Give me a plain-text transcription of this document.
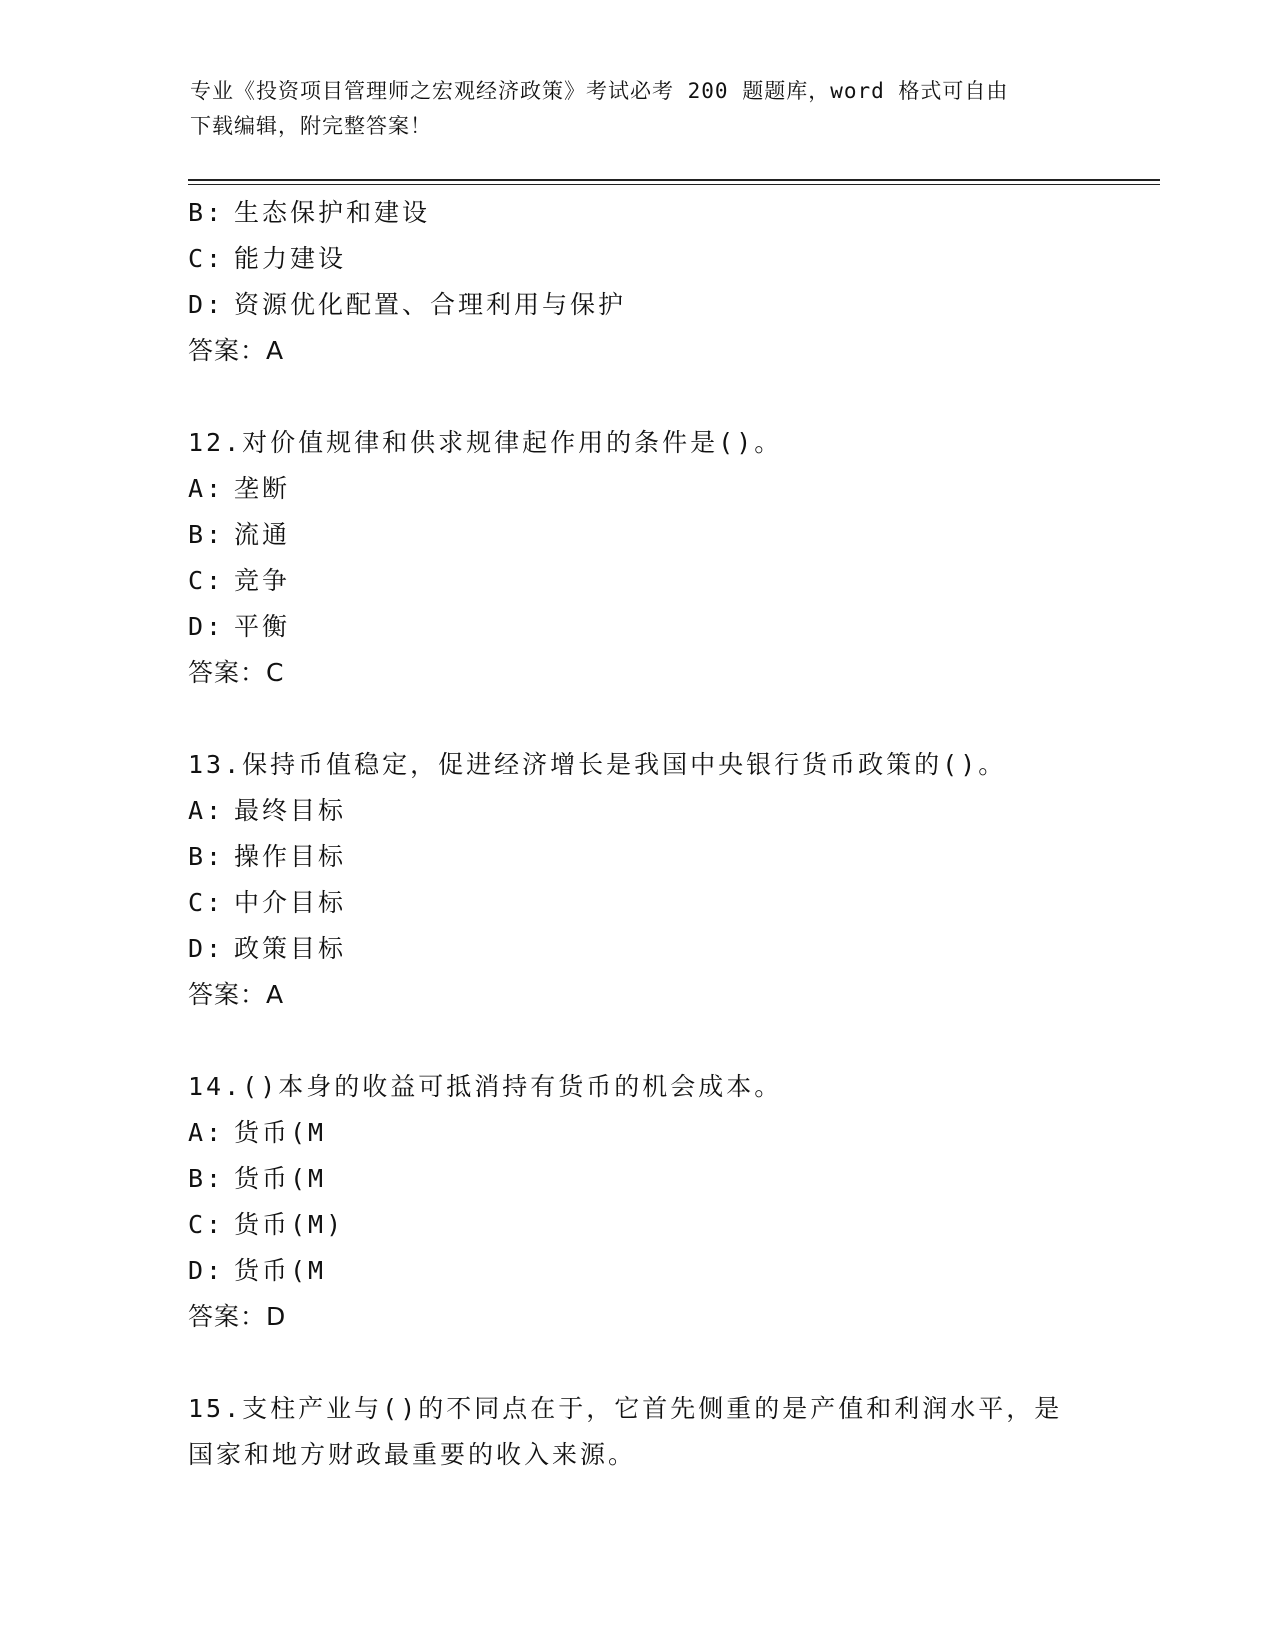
专业《投资项目管理师之宏观经济政策》考试必考 200 题题库，word 格式可自由
下载编辑，附完整答案！
B: 生态保护和建设
C: 能力建设
D: 资源优化配置、合理利用与保护
答案：A
12.对价值规律和供求规律起作用的条件是()。
A: 垄断
B: 流通
C: 竞争
D: 平衡
答案：C
13.保持币值稳定，促进经济增长是我国中央银行货币政策的()。
A: 最终目标
B: 操作目标
C: 中介目标
D: 政策目标
答案：A
14.()本身的收益可抵消持有货币的机会成本。
A: 货币(M
B: 货币(M
C: 货币(M)
D: 货币(M
答案：D
15.支柱产业与()的不同点在于，它首先侧重的是产值和利润水平，是
国家和地方财政最重要的收入来源。
